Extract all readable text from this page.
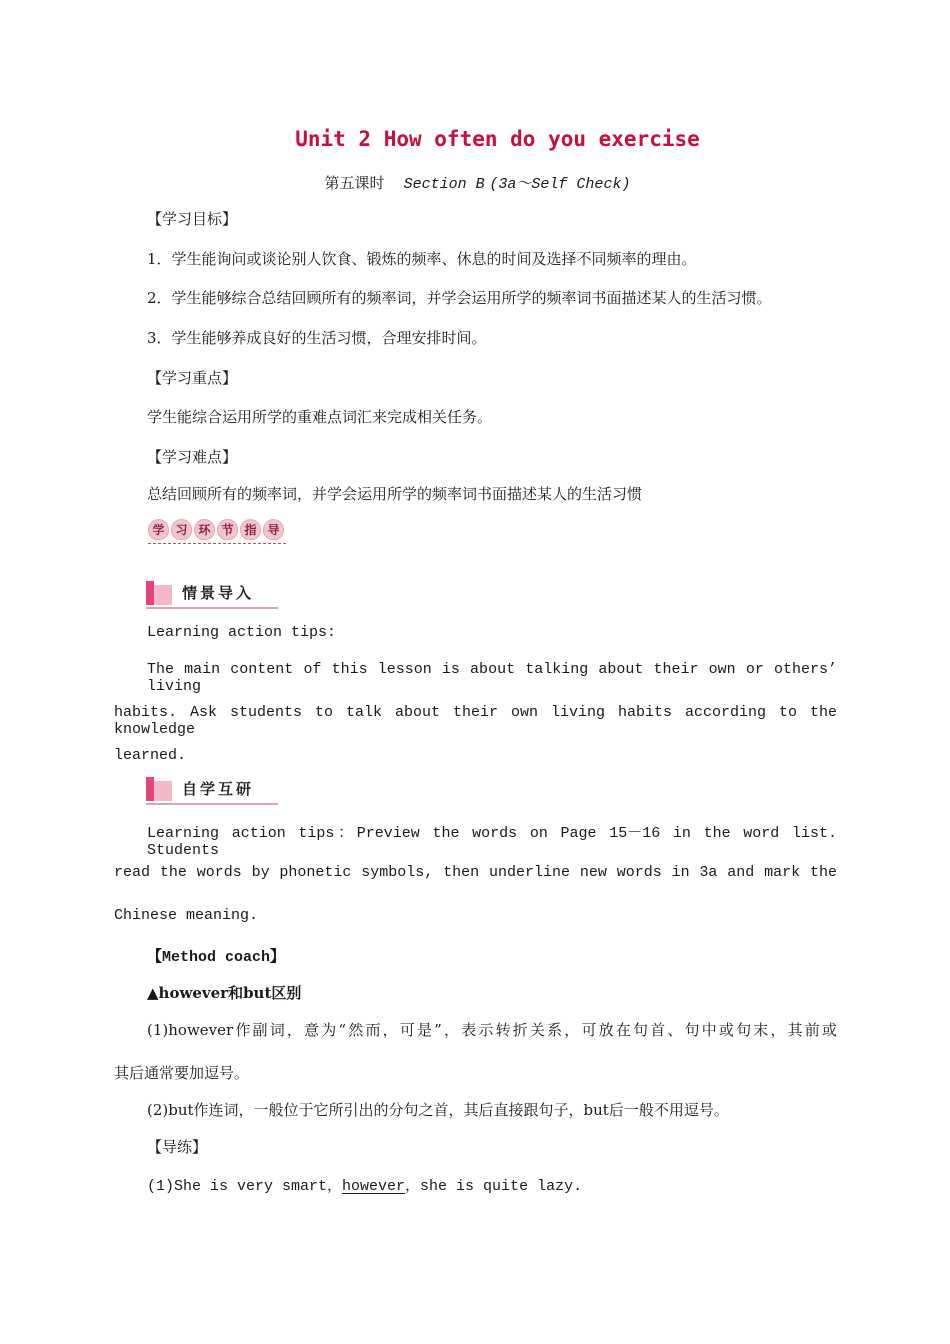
Unit 2 How often do you exercise
第五课时 Section B (3a～Self Check)
【学习目标】
1．学生能询问或谈论别人饮食、锻炼的频率、休息的时间及选择不同频率的理由。
2．学生能够综合总结回顾所有的频率词，并学会运用所学的频率词书面描述某人的生活习惯。
3．学生能够养成良好的生活习惯，合理安排时间。
【学习重点】
学生能综合运用所学的重难点词汇来完成相关任务。
【学习难点】
总结回顾所有的频率词，并学会运用所学的频率词书面描述某人的生活习惯
学 习 环 节 指 导
情景导入
Learning action tips:
The main content of this lesson is about talking about their own or others’ living
habits. Ask students to talk about their own living habits according to the knowledge
learned.
自学互研
Learning action tips：Preview the words on Page 15－16 in the word list. Students
read the words by phonetic symbols, then underline new words in 3a and mark the
Chinese meaning.
【Method coach】
▲however和but区别
(1)however作副词，意为“然而，可是”，表示转折关系，可放在句首、句中或句末，其前或
其后通常要加逗号。
(2)but作连词，一般位于它所引出的分句之首，其后直接跟句子，but后一般不用逗号。
【导练】
(1)She is very smart，however，she is quite lazy.
